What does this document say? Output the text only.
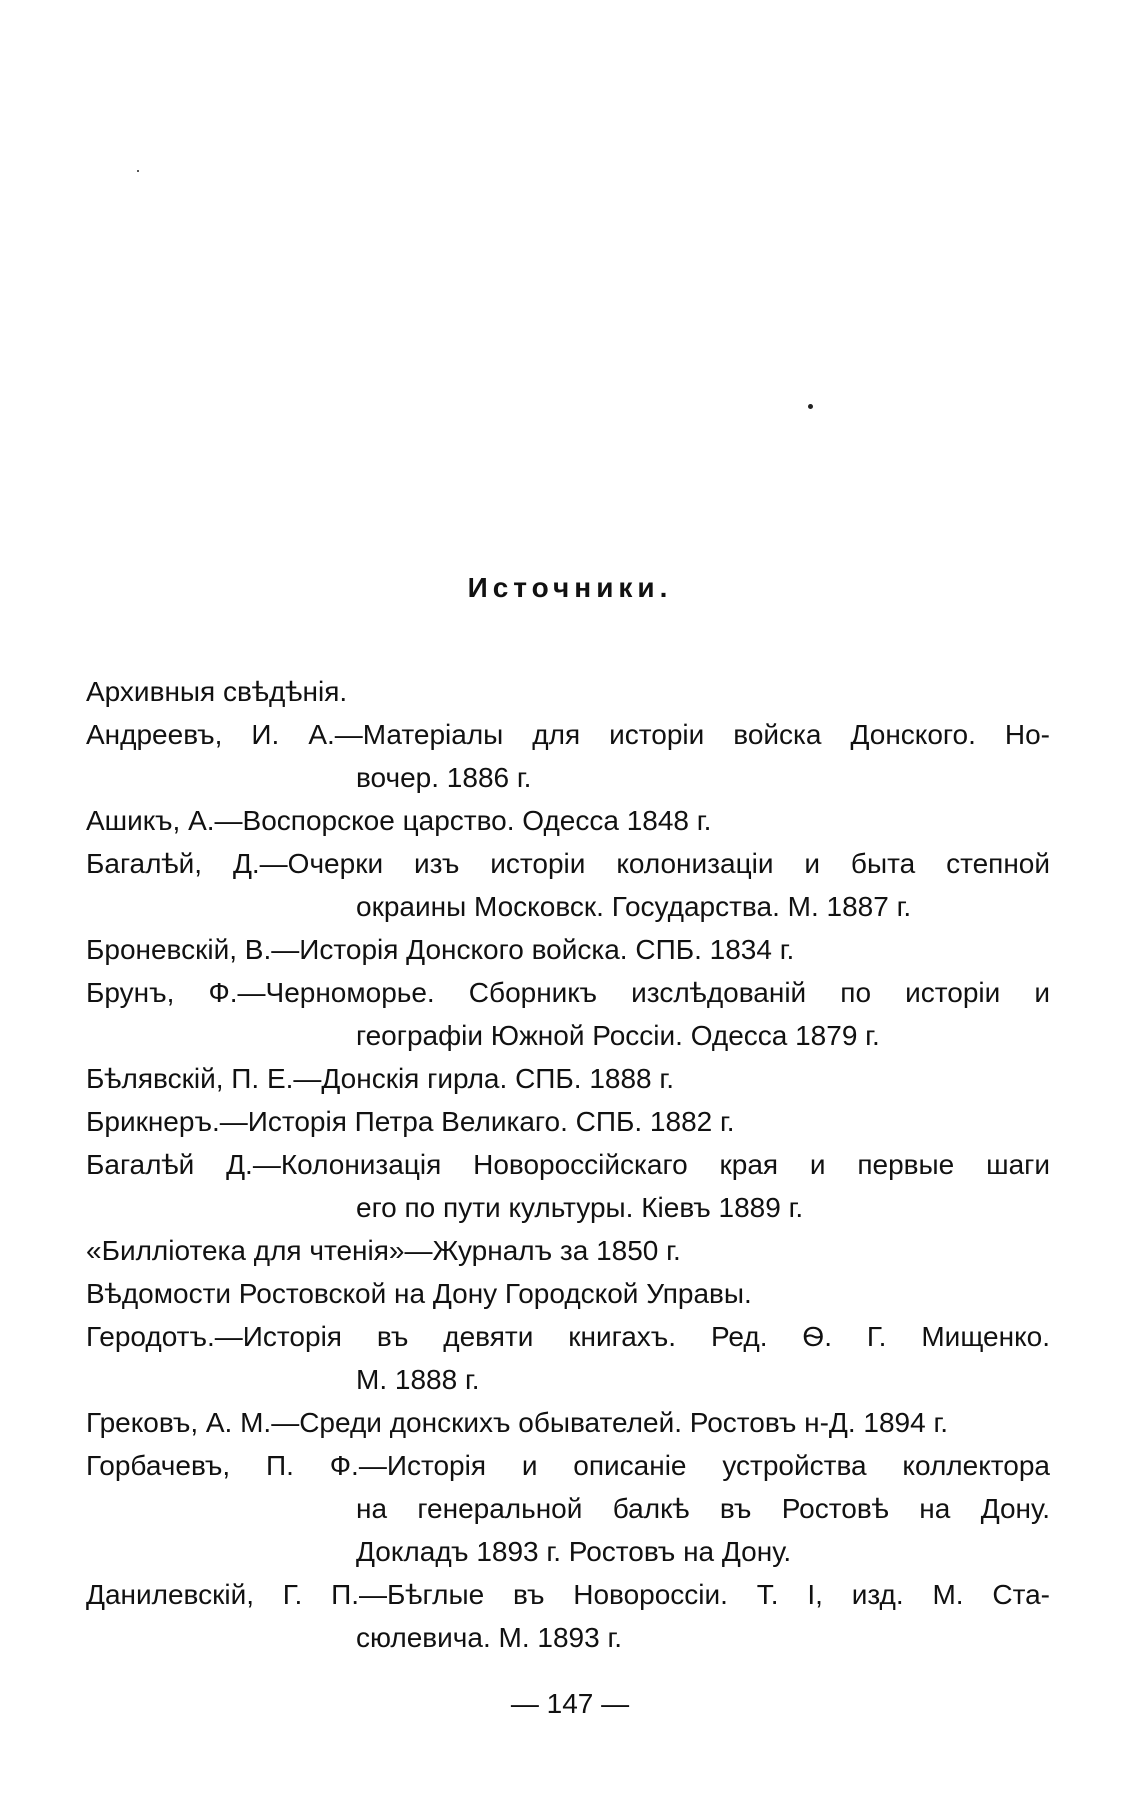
Источники.
Архивныя свѣдѣнія.
Андреевъ, И. А.—Матеріалы для исторіи войска Донского. Но-
вочер. 1886 г.
Ашикъ, А.—Воспорское царство. Одесса 1848 г.
Багалѣй, Д.—Очерки изъ исторіи колонизаціи и быта степной
окраины Московск. Государства. М. 1887 г.
Броневскій, В.—Исторія Донского войска. СПБ. 1834 г.
Брунъ, Ф.—Черноморье. Сборникъ изслѣдованій по исторіи и
географіи Южной Россіи. Одесса 1879 г.
Бѣлявскій, П. Е.—Донскія гирла. СПБ. 1888 г.
Брикнеръ.—Исторія Петра Великаго. СПБ. 1882 г.
Багалѣй Д.—Колонизація Новороссійскаго края и первые шаги
его по пути культуры. Кіевъ 1889 г.
«Билліотека для чтенія»—Журналъ за 1850 г.
Вѣдомости Ростовской на Дону Городской Управы.
Геродотъ.—Исторія въ девяти книгахъ. Ред. Ѳ. Г. Мищенко.
М. 1888 г.
Грековъ, А. М.—Среди донскихъ обывателей. Ростовъ н-Д. 1894 г.
Горбачевъ, П. Ф.—Исторія и описаніе устройства коллектора
на генеральной балкѣ въ Ростовѣ на Дону.
Докладъ 1893 г. Ростовъ на Дону.
Данилевскій, Г. П.—Бѣглые въ Новороссіи. Т. I, изд. М. Ста-
сюлевича. М. 1893 г.
— 147 —
